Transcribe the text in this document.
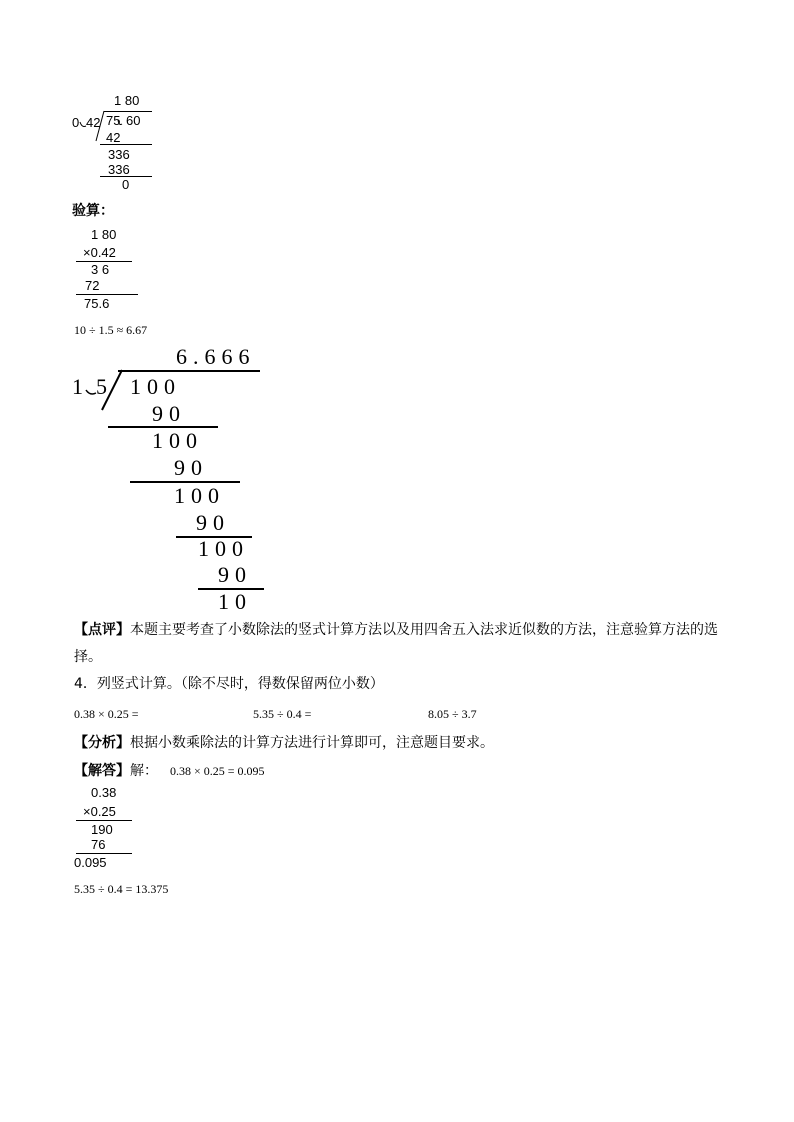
1 80
0 42 75 60
42
336
336
0
验算：
1 80
×0.42
3 6
72
75.6
10 ÷ 1.5 ≈ 6.67
6.666
1 5 100
90
100
90
100
90
100
90
10
【点评】 本题主要考查了小数除法的竖式计算方法以及用四舍五入法求近似数的方法，注意验算方法的选
择。
4．列竖式计算。（除不尽时，得数保留两位小数）
0.38 × 0.25 =	5.35 ÷ 0.4 =	8.05 ÷ 3.7
【分析】 根据小数乘除法的计算方法进行计算即可，注意题目要求。
【解答】 解： 0.38 × 0.25 = 0.095
0.38
×0.25
190
76
0.095
5.35 ÷ 0.4 = 13.375
